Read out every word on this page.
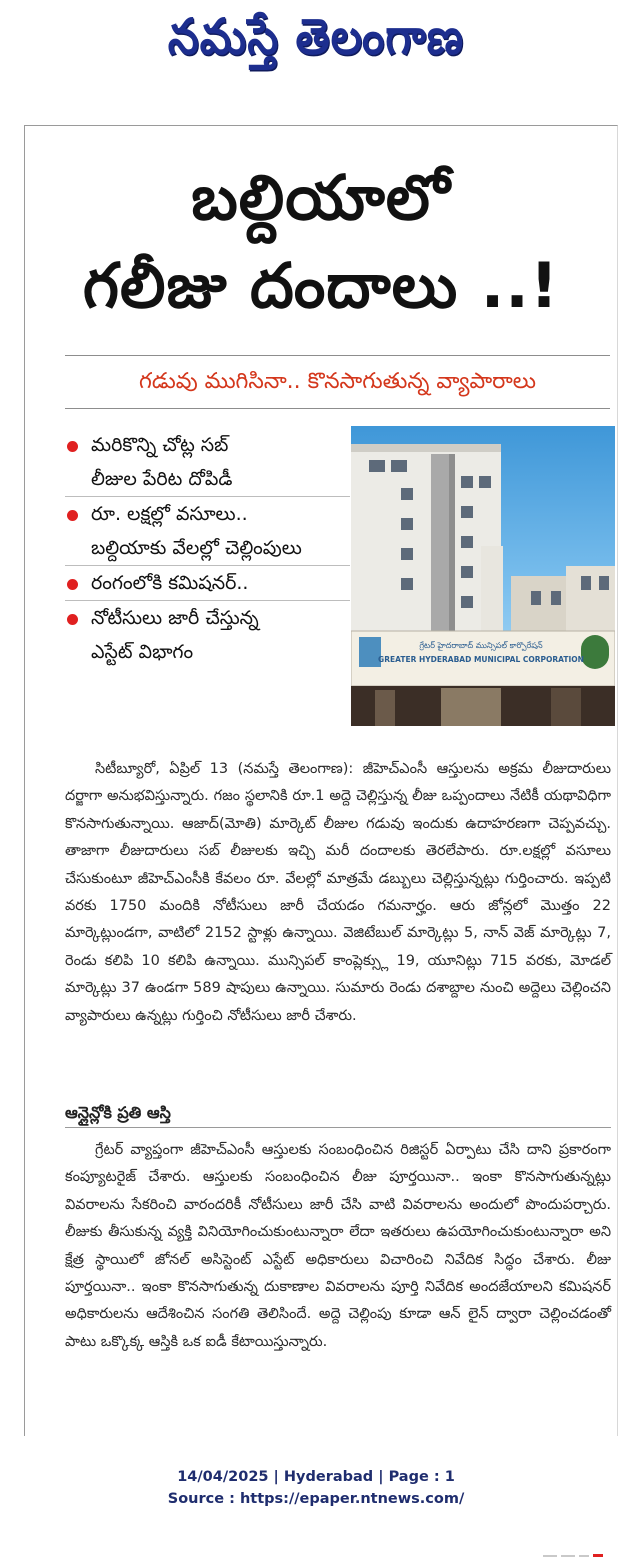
నమస్తే తెలంగాణ
బల్దియాలో
గలీజు దందాలు ..!
గడువు ముగిసినా.. కొనసాగుతున్న వ్యాపారాలు
మరికొన్ని చోట్ల సబ్
లీజుల పేరిట దోపిడీ
రూ. లక్షల్లో వసూలు..
బల్దియాకు వేలల్లో చెల్లింపులు
రంగంలోకి కమిషనర్..
నోటీసులు జారీ చేస్తున్న
ఎస్టేట్ విభాగం	గ్రేటర్ హైదరాబాద్ మున్సిపల్ కార్పొరేషన్
GREATER HYDERABAD MUNICIPAL CORPORATION

సిటీబ్యూరో, ఏప్రిల్ 13 (నమస్తే తెలంగాణ): జీహెచ్ఎంసీ ఆస్తులను అక్రమ లీజుదారులు దర్జాగా అనుభవిస్తున్నారు. గజం స్థలానికి రూ.1 అద్దె చెల్లిస్తున్న లీజు ఒప్పందాలు నేటికీ యథావిధిగా కొనసాగుతున్నాయి. ఆజాద్(మోతి) మార్కెట్ లీజుల గడువు ఇందుకు ఉదాహరణగా చెప్పవచ్చు. తాజాగా లీజుదారులు సబ్ లీజులకు ఇచ్చి మరీ దందాలకు తెరలేపారు. రూ.లక్షల్లో వసూలు చేసుకుంటూ జీహెచ్ఎంసీకి కేవలం రూ. వేలల్లో మాత్రమే డబ్బులు చెల్లిస్తున్నట్లు గుర్తించారు. ఇప్పటి వరకు 1750 మందికి నోటీసులు జారీ చేయడం గమనార్హం. ఆరు జోన్లలో మొత్తం 22 మార్కెట్లుండగా, వాటిలో 2152 స్టాళ్లు ఉన్నాయి. వెజిటేబుల్ మార్కెట్లు 5, నాన్ వెజ్ మార్కెట్లు 7, రెండు కలిపి 10 కలిపి ఉన్నాయి. మున్సిపల్ కాంప్లెక్స్లు 19, యూనిట్లు 715 వరకు, మోడల్ మార్కెట్లు 37 ఉండగా 589 షాపులు ఉన్నాయి. సుమారు రెండు దశాబ్దాల నుంచి అద్దెలు చెల్లించని వ్యాపారులు ఉన్నట్లు గుర్తించి నోటీసులు జారీ చేశారు.

ఆన్లైన్లోకి ప్రతి ఆస్తి

గ్రేటర్ వ్యాప్తంగా జీహెచ్ఎంసీ ఆస్తులకు సంబంధించిన రిజిస్టర్ ఏర్పాటు చేసి దాని ప్రకారంగా కంప్యూటరైజ్ చేశారు. ఆస్తులకు సంబంధించిన లీజు పూర్తయినా.. ఇంకా కొనసాగుతున్నట్లు వివరాలను సేకరించి వారందరికీ నోటీసులు జారీ చేసి వాటి వివరాలను అందులో పొందుపర్చారు. లీజుకు తీసుకున్న వ్యక్తి వినియోగించుకుంటున్నారా లేదా ఇతరులు ఉపయోగించుకుంటున్నారా అని క్షేత్ర స్థాయిలో జోనల్ అసిస్టెంట్ ఎస్టేట్ అధికారులు విచారించి నివేదిక సిద్ధం చేశారు. లీజు పూర్తయినా.. ఇంకా కొనసాగుతున్న దుకాణాల వివరాలను పూర్తి నివేదిక అందజేయాలని కమిషనర్ అధికారులను ఆదేశించిన సంగతి తెలిసిందే. అద్దె చెల్లింపు కూడా ఆన్ లైన్ ద్వారా చెల్లించడంతో పాటు ఒక్కొక్క ఆస్తికి ఒక ఐడీ కేటాయిస్తున్నారు.

14/04/2025 | Hyderabad | Page : 1
Source : https://epaper.ntnews.com/
